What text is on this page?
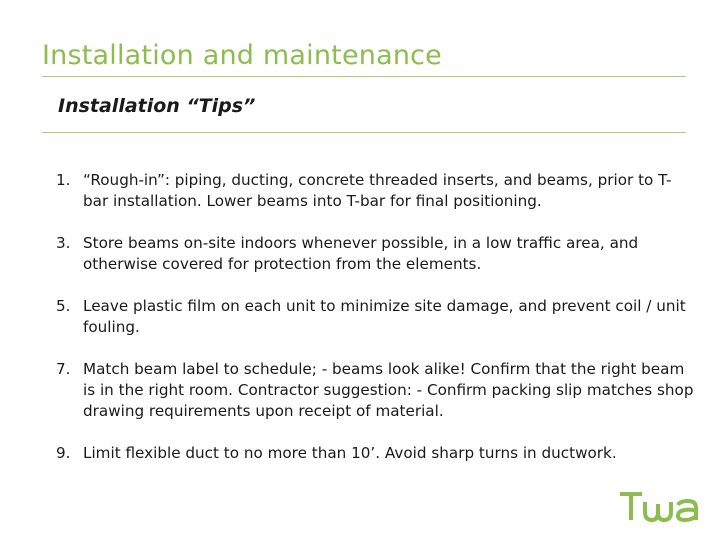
Installation and maintenance
Installation “Tips”
1. “Rough-in”: piping, ducting, concrete threaded inserts, and beams, prior to T-bar installation. Lower beams into T-bar for final positioning.
3. Store beams on-site indoors whenever possible, in a low traffic area, and otherwise covered for protection from the elements.
5. Leave plastic film on each unit to minimize site damage, and prevent coil / unit fouling.
7. Match beam label to schedule; - beams look alike! Confirm that the right beam is in the right room. Contractor suggestion: - Confirm packing slip matches shop drawing requirements upon receipt of material.
9. Limit flexible duct to no more than 10’. Avoid sharp turns in ductwork.
